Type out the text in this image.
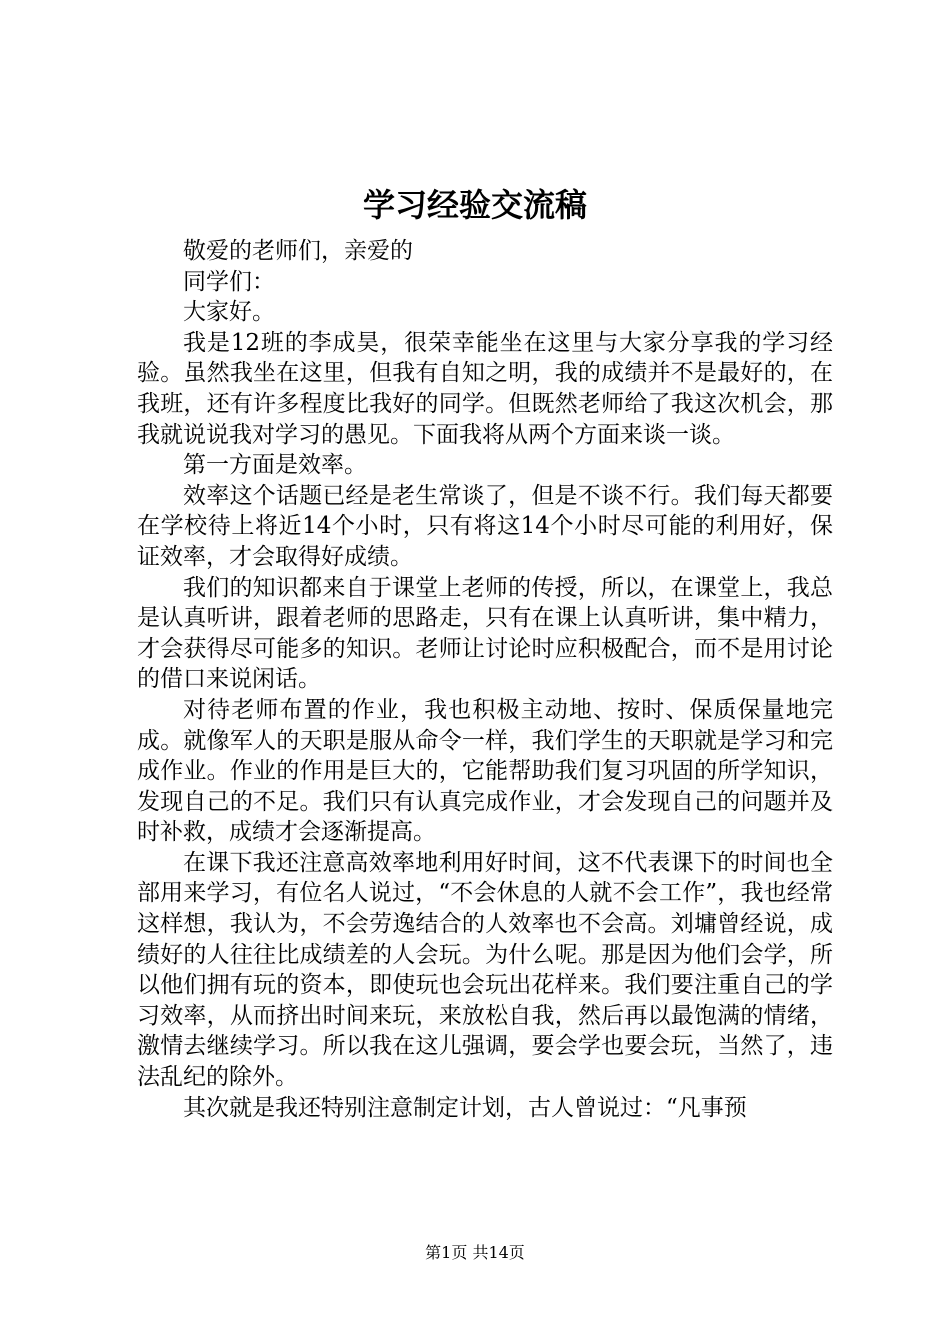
学习经验交流稿

敬爱的老师们，亲爱的

同学们：

大家好。

我是12班的李成昊，很荣幸能坐在这里与大家分享我的学习经验。虽然我坐在这里，但我有自知之明，我的成绩并不是最好的，在我班，还有许多程度比我好的同学。但既然老师给了我这次机会，那我就说说我对学习的愚见。下面我将从两个方面来谈一谈。

第一方面是效率。

效率这个话题已经是老生常谈了，但是不谈不行。我们每天都要在学校待上将近14个小时，只有将这14个小时尽可能的利用好，保证效率，才会取得好成绩。

我们的知识都来自于课堂上老师的传授，所以，在课堂上，我总是认真听讲，跟着老师的思路走，只有在课上认真听讲，集中精力，才会获得尽可能多的知识。老师让讨论时应积极配合，而不是用讨论的借口来说闲话。

对待老师布置的作业，我也积极主动地、按时、保质保量地完成。就像军人的天职是服从命令一样，我们学生的天职就是学习和完成作业。作业的作用是巨大的，它能帮助我们复习巩固的所学知识，发现自己的不足。我们只有认真完成作业，才会发现自己的问题并及时补救，成绩才会逐渐提高。

在课下我还注意高效率地利用好时间，这不代表课下的时间也全部用来学习，有位名人说过，“不会休息的人就不会工作”，我也经常这样想，我认为，不会劳逸结合的人效率也不会高。刘墉曾经说，成绩好的人往往比成绩差的人会玩。为什么呢。那是因为他们会学，所以他们拥有玩的资本，即使玩也会玩出花样来。我们要注重自己的学习效率，从而挤出时间来玩，来放松自我，然后再以最饱满的情绪，激情去继续学习。所以我在这儿强调，要会学也要会玩，当然了，违法乱纪的除外。

其次就是我还特别注意制定计划，古人曾说过：“凡事预

第1页 共14页
